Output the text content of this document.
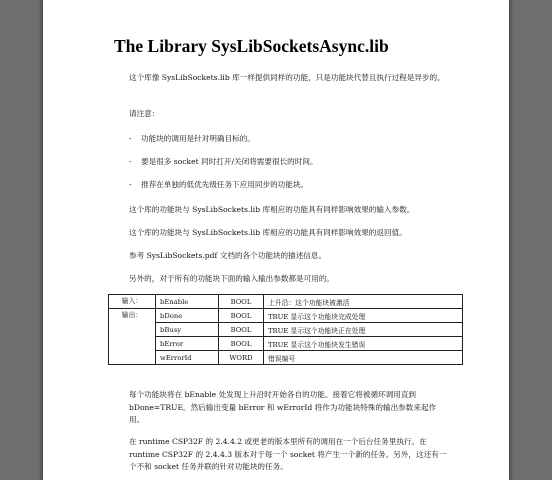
The Library SysLibSocketsAsync.lib
这个库像 SysLibSockets.lib 库一样提供同样的功能，只是功能块代替且执行过程是异步的。
请注意：
- 功能块的调用是针对明确目标的。
- 要是很多 socket 同时打开/关闭将需要很长的时间。
- 推荐在单独的低优先级任务下应用同步的功能块。
这个库的功能块与 SysLibSockets.lib 库相应的功能具有同样影响效果的输入参数。
这个库的功能块与 SysLibSockets.lib 库相应的功能具有同样影响效果的返回值。
参考 SysLibSockets.pdf 文档的各个功能块的描述信息。
另外的，对于所有的功能块下面的输入输出参数都是可用的。
输入：	bEnable	BOOL	上升沿：这个功能块被激活
输出：	bDone	BOOL	TRUE 显示这个功能块完成处理
	bBusy	BOOL	TRUE 显示这个功能块正在处理
	bError	BOOL	TRUE 显示这个功能块发生错误
	wErrorId	WORD	错误编号
每个功能块将在 bEnable 处发现上升沿时开始各自的功能。接着它将被循环调用直到 bDone=TRUE。然后输出变量 bError 和 wErrorId 将作为功能块特殊的输出参数来起作用。
在 runtime CSP32F 的 2.4.4.2 或更老的版本里所有的调用在一个后台任务里执行。在 runtime CSP32F 的 2.4.4.3 版本对于每一个 socket 将产生一个新的任务。另外，这还有一个不和 socket 任务并联的针对功能块的任务。
